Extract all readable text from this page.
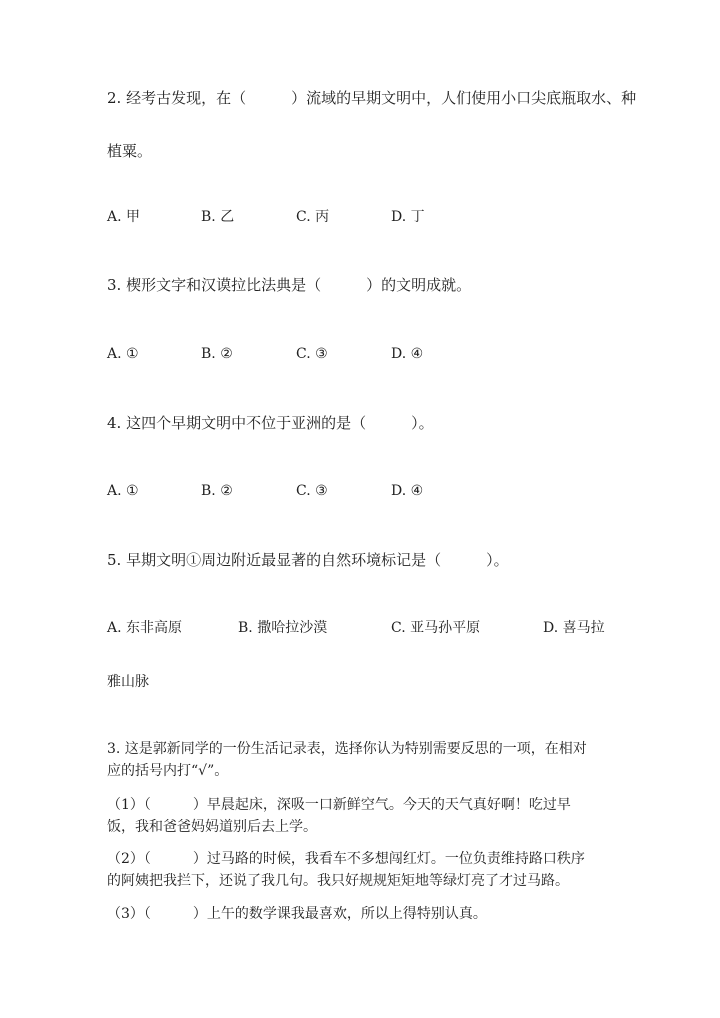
2. 经考古发现，在（　　　）流域的早期文明中，人们使用小口尖底瓶取水、种
植粟。
A. 甲	B. 乙	C. 丙	D. 丁
3. 楔形文字和汉谟拉比法典是（　　　）的文明成就。
A. ①	B. ②	C. ③	D. ④
4. 这四个早期文明中不位于亚洲的是（　　　）。
A. ①	B. ②	C. ③	D. ④
5. 早期文明①周边附近最显著的自然环境标记是（　　　）。
A. 东非高原	B. 撒哈拉沙漠	C. 亚马孙平原	D. 喜马拉
雅山脉
3. 这是郭新同学的一份生活记录表，选择你认为特别需要反思的一项，在相对
应的括号内打“√”。
（1）（　　　）早晨起床，深吸一口新鲜空气。今天的天气真好啊！吃过早
饭，我和爸爸妈妈道别后去上学。
（2）（　　　）过马路的时候，我看车不多想闯红灯。一位负责维持路口秩序
的阿姨把我拦下，还说了我几句。我只好规规矩矩地等绿灯亮了才过马路。
（3）（　　　）上午的数学课我最喜欢，所以上得特别认真。
